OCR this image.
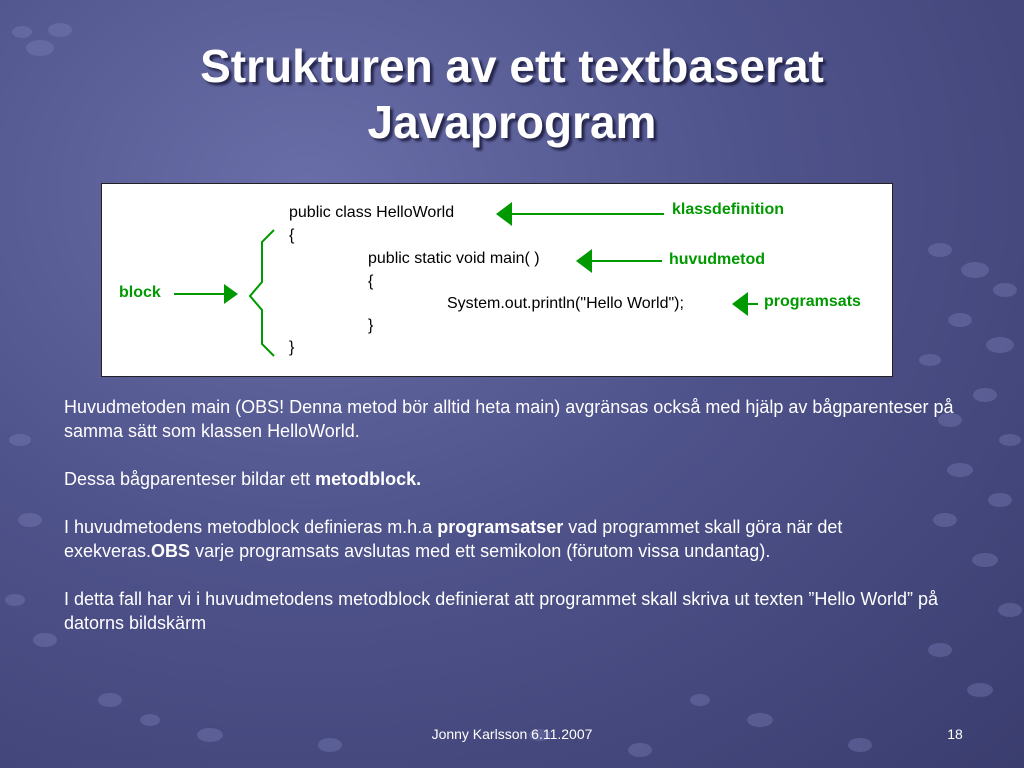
Strukturen av ett textbaserat
Javaprogram
public class HelloWorld
{
public static void main( )
{
System.out.println("Hello World");
}
}
klassdefinition
huvudmetod
programsats
block

Huvudmetoden main (OBS! Denna metod bör alltid heta main) avgränsas också med hjälp av bågparenteser på samma sätt som klassen HelloWorld.

Dessa bågparenteser bildar ett metodblock.

I huvudmetodens metodblock definieras m.h.a programsatser vad programmet skall göra när det exekveras.OBS varje programsats avslutas med ett semikolon (förutom vissa undantag).

I detta fall har vi i huvudmetodens metodblock definierat att programmet skall skriva ut texten ”Hello World” på datorns bildskärm

Jonny Karlsson 6.11.2007	18
